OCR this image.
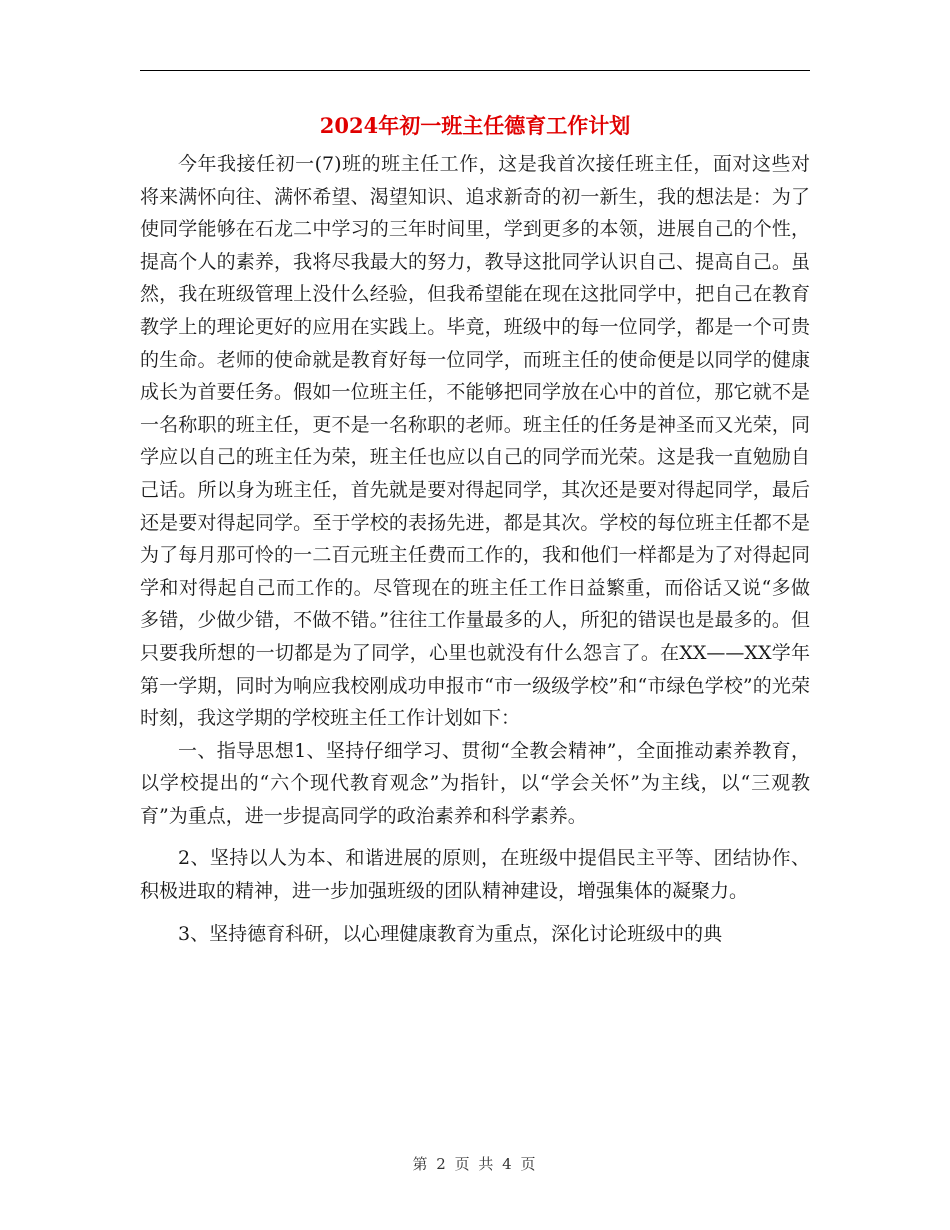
2024年初一班主任德育工作计划

今年我接任初一(7)班的班主任工作，这是我首次接任班主任，面对这些对将来满怀向往、满怀希望、渴望知识、追求新奇的初一新生，我的想法是：为了使同学能够在石龙二中学习的三年时间里，学到更多的本领，进展自己的个性，提高个人的素养，我将尽我最大的努力，教导这批同学认识自己、提高自己。虽然，我在班级管理上没什么经验，但我希望能在现在这批同学中，把自己在教育教学上的理论更好的应用在实践上。毕竟，班级中的每一位同学，都是一个可贵的生命。老师的使命就是教育好每一位同学，而班主任的使命便是以同学的健康成长为首要任务。假如一位班主任，不能够把同学放在心中的首位，那它就不是一名称职的班主任，更不是一名称职的老师。班主任的任务是神圣而又光荣，同学应以自己的班主任为荣，班主任也应以自己的同学而光荣。这是我一直勉励自己话。所以身为班主任，首先就是要对得起同学，其次还是要对得起同学，最后还是要对得起同学。至于学校的表扬先进，都是其次。学校的每位班主任都不是为了每月那可怜的一二百元班主任费而工作的，我和他们一样都是为了对得起同学和对得起自己而工作的。尽管现在的班主任工作日益繁重，而俗话又说“多做多错，少做少错，不做不错。”往往工作量最多的人，所犯的错误也是最多的。但只要我所想的一切都是为了同学，心里也就没有什么怨言了。在XX——XX学年第一学期，同时为响应我校刚成功申报市“市一级级学校”和“市绿色学校”的光荣时刻，我这学期的学校班主任工作计划如下：

一、指导思想1、坚持仔细学习、贯彻“全教会精神”，全面推动素养教育，以学校提出的“六个现代教育观念”为指针，以“学会关怀”为主线，以“三观教育”为重点，进一步提高同学的政治素养和科学素养。

2、坚持以人为本、和谐进展的原则，在班级中提倡民主平等、团结协作、积极进取的精神，进一步加强班级的团队精神建设，增强集体的凝聚力。

3、坚持德育科研，以心理健康教育为重点，深化讨论班级中的典

第 2 页 共 4 页
